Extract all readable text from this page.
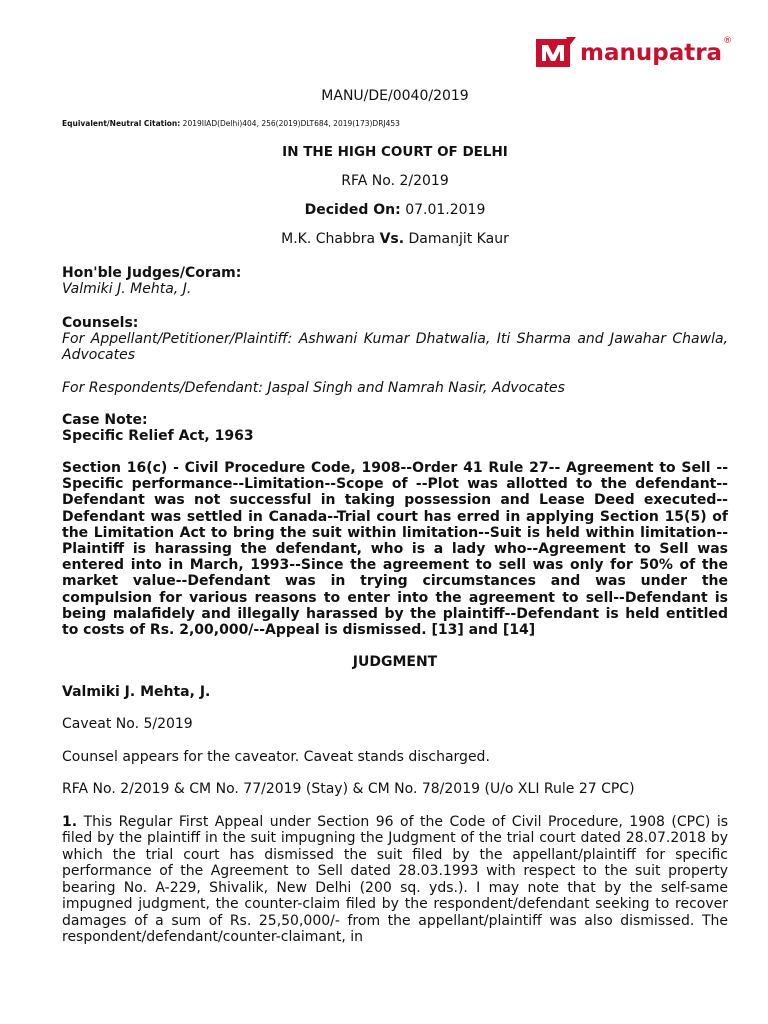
manupatra ®
MANU/DE/0040/2019
Equivalent/Neutral Citation: 2019IIAD(Delhi)404, 256(2019)DLT684, 2019(173)DRJ453
IN THE HIGH COURT OF DELHI
RFA No. 2/2019
Decided On: 07.01.2019
M.K. Chabbra Vs. Damanjit Kaur
Hon'ble Judges/Coram:
Valmiki J. Mehta, J.
Counsels:
For Appellant/Petitioner/Plaintiff: Ashwani Kumar Dhatwalia, Iti Sharma and Jawahar Chawla, Advocates
For Respondents/Defendant: Jaspal Singh and Namrah Nasir, Advocates
Case Note:
Specific Relief Act, 1963
Section 16(c) - Civil Procedure Code, 1908--Order 41 Rule 27-- Agreement to Sell --Specific performance--Limitation--Scope of --Plot was allotted to the defendant--Defendant was not successful in taking possession and Lease Deed executed--Defendant was settled in Canada--Trial court has erred in applying Section 15(5) of the Limitation Act to bring the suit within limitation--Suit is held within limitation--Plaintiff is harassing the defendant, who is a lady who--Agreement to Sell was entered into in March, 1993--Since the agreement to sell was only for 50% of the market value--Defendant was in trying circumstances and was under the compulsion for various reasons to enter into the agreement to sell--Defendant is being malafidely and illegally harassed by the plaintiff--Defendant is held entitled to costs of Rs. 2,00,000/--Appeal is dismissed. [13] and [14]
JUDGMENT
Valmiki J. Mehta, J.
Caveat No. 5/2019
Counsel appears for the caveator. Caveat stands discharged.
RFA No. 2/2019 & CM No. 77/2019 (Stay) & CM No. 78/2019 (U/o XLI Rule 27 CPC)
1. This Regular First Appeal under Section 96 of the Code of Civil Procedure, 1908 (CPC) is filed by the plaintiff in the suit impugning the Judgment of the trial court dated 28.07.2018 by which the trial court has dismissed the suit filed by the appellant/plaintiff for specific performance of the Agreement to Sell dated 28.03.1993 with respect to the suit property bearing No. A-229, Shivalik, New Delhi (200 sq. yds.). I may note that by the self-same impugned judgment, the counter-claim filed by the respondent/defendant seeking to recover damages of a sum of Rs. 25,50,000/- from the appellant/plaintiff was also dismissed. The respondent/defendant/counter-claimant, in
